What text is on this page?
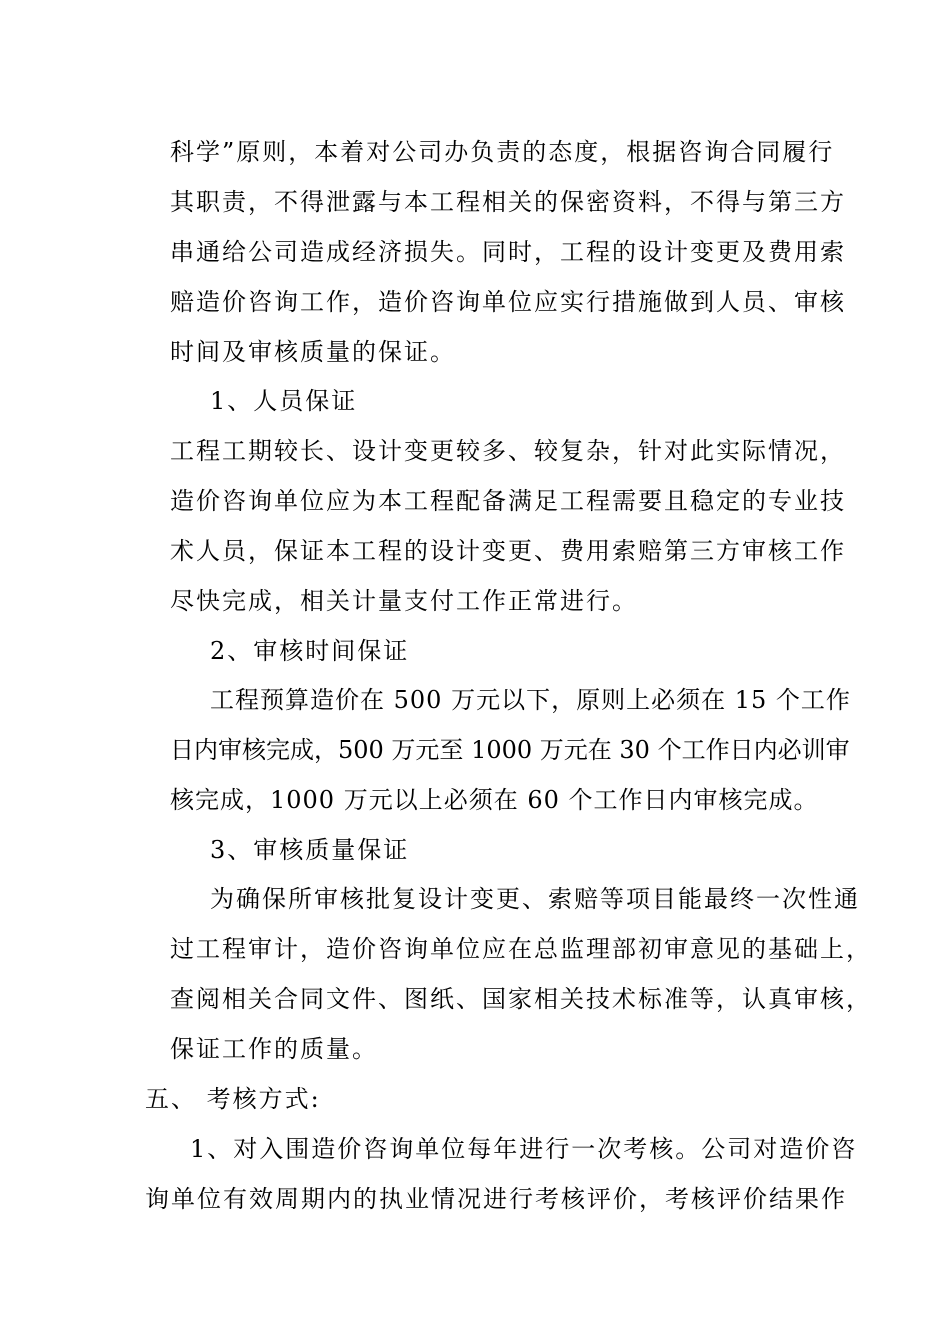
科学”原则，本着对公司办负责的态度，根据咨询合同履行
其职责，不得泄露与本工程相关的保密资料，不得与第三方
串通给公司造成经济损失。同时，工程的设计变更及费用索
赔造价咨询工作，造价咨询单位应实行措施做到人员、审核
时间及审核质量的保证。
1、人员保证
工程工期较长、设计变更较多、较复杂，针对此实际情况，
造价咨询单位应为本工程配备满足工程需要且稳定的专业技
术人员，保证本工程的设计变更、费用索赔第三方审核工作
尽快完成，相关计量支付工作正常进行。
2、审核时间保证
工程预算造价在 500 万元以下，原则上必须在 15 个工作
日内审核完成，500 万元至 1000 万元在 30 个工作日内必训审
核完成，1000 万元以上必须在 60 个工作日内审核完成。
3、审核质量保证
为确保所审核批复设计变更、索赔等项目能最终一次性通
过工程审计，造价咨询单位应在总监理部初审意见的基础上，
查阅相关合同文件、图纸、国家相关技术标准等，认真审核，
保证工作的质量。
五、 考核方式:
1、对入围造价咨询单位每年进行一次考核。公司对造价咨
询单位有效周期内的执业情况进行考核评价，考核评价结果作
